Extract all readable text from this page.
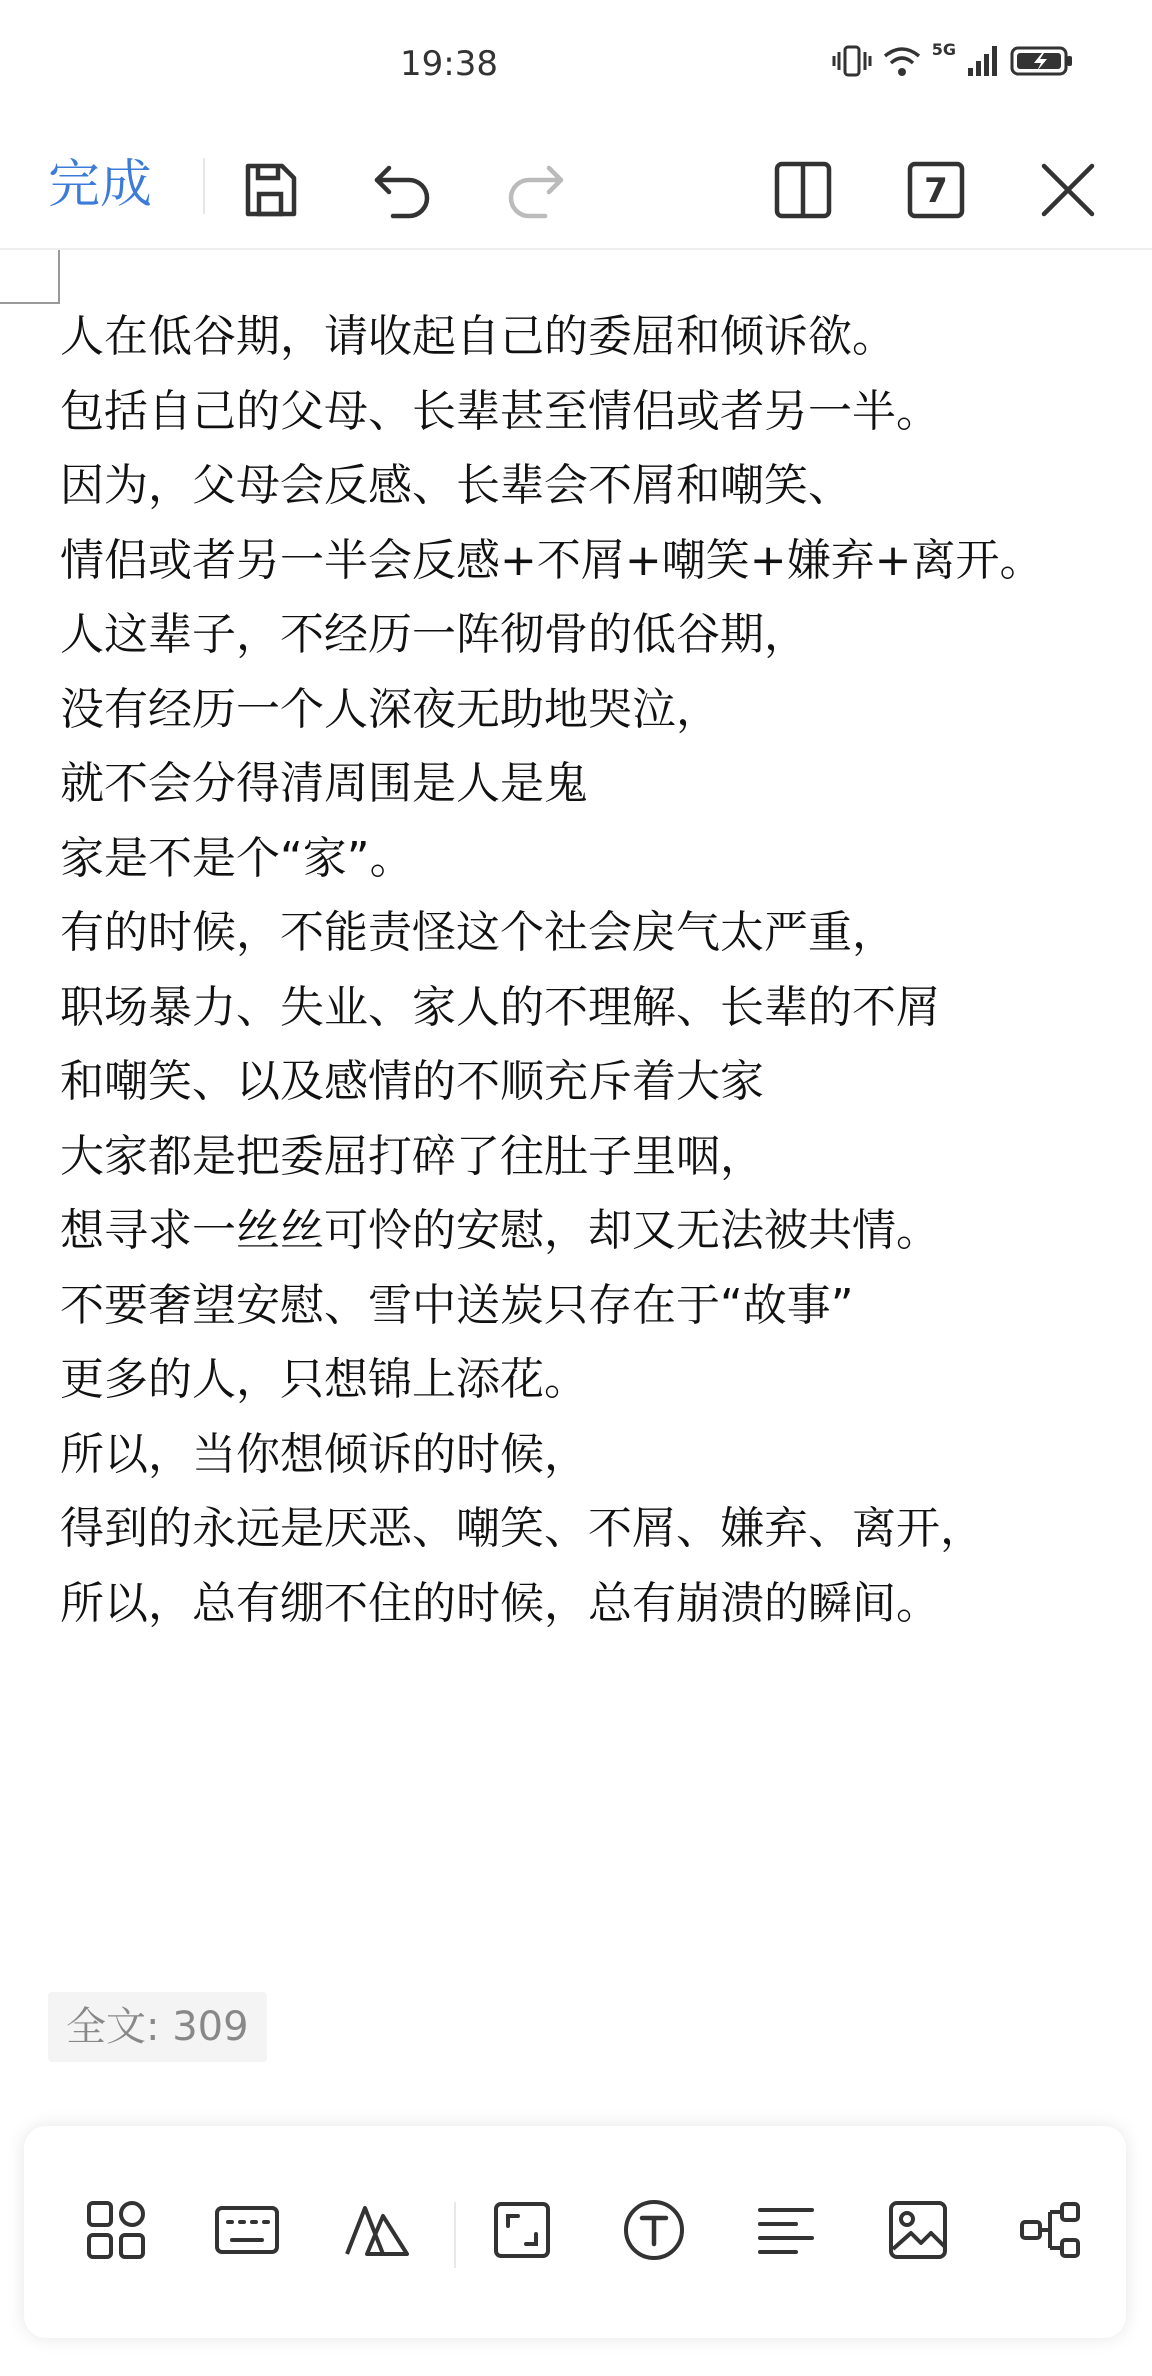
19:38	5G
完成	7
人在低谷期，请收起自己的委屈和倾诉欲。
包括自己的父母、长辈甚至情侣或者另一半。
因为，父母会反感、长辈会不屑和嘲笑、
情侣或者另一半会反感+不屑+嘲笑+嫌弃+离开。
人这辈子，不经历一阵彻骨的低谷期，
没有经历一个人深夜无助地哭泣，
就不会分得清周围是人是鬼
家是不是个“家”。
有的时候，不能责怪这个社会戾气太严重，
职场暴力、失业、家人的不理解、长辈的不屑
和嘲笑、以及感情的不顺充斥着大家
大家都是把委屈打碎了往肚子里咽，
想寻求一丝丝可怜的安慰，却又无法被共情。
不要奢望安慰、雪中送炭只存在于“故事”
更多的人，只想锦上添花。
所以，当你想倾诉的时候，
得到的永远是厌恶、嘲笑、不屑、嫌弃、离开，
所以，总有绷不住的时候，总有崩溃的瞬间。
全文: 309
